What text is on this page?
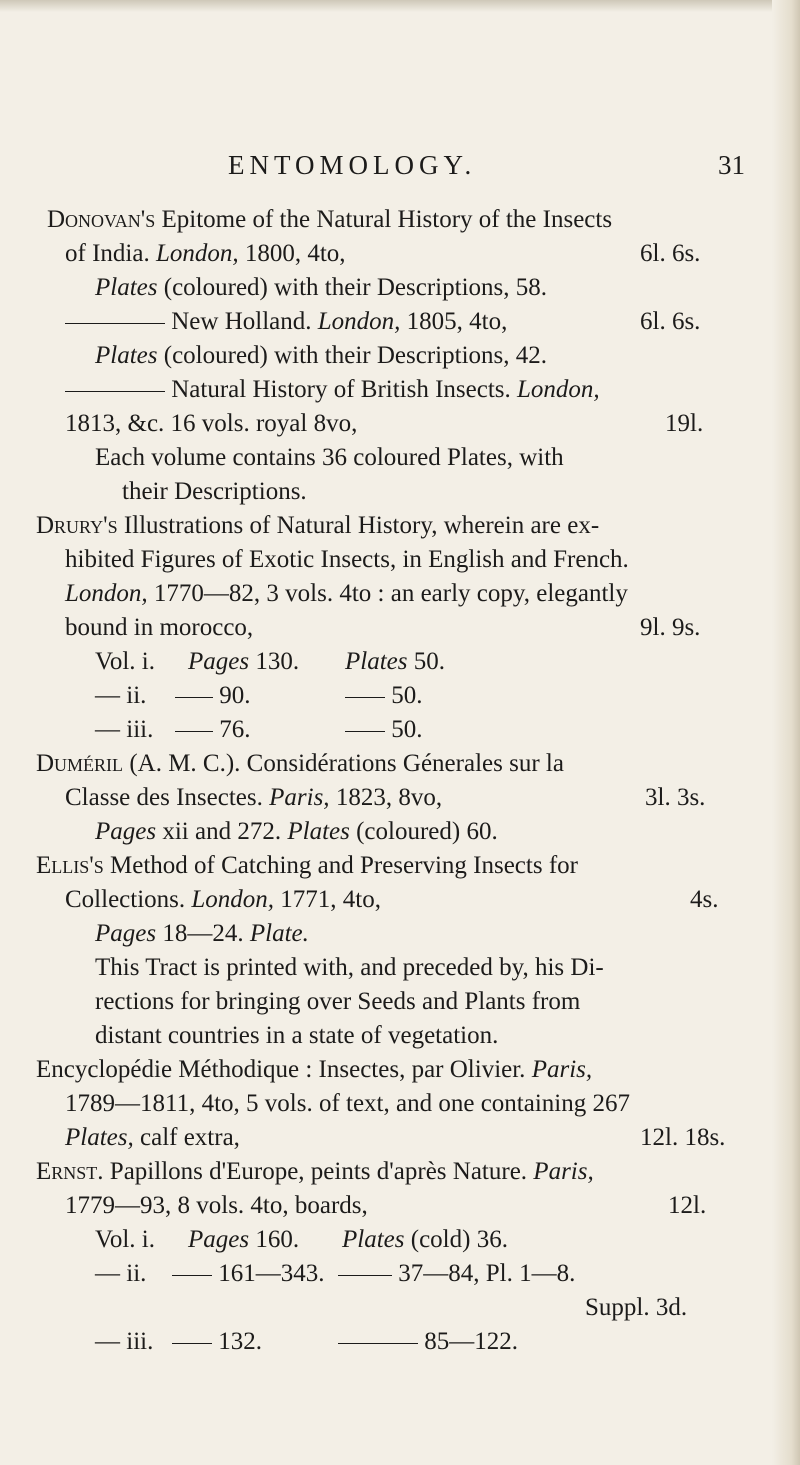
ENTOMOLOGY.	31
Donovan's Epitome of the Natural History of the Insects
of India. London, 1800, 4to,	6l. 6s.
Plates (coloured) with their Descriptions, 58.
New Holland. London, 1805, 4to,	6l. 6s.
Plates (coloured) with their Descriptions, 42.
Natural History of British Insects. London,
1813, &c. 16 vols. royal 8vo,	19l.
Each volume contains 36 coloured Plates, with
their Descriptions.
Drury's Illustrations of Natural History, wherein are ex-
hibited Figures of Exotic Insects, in English and French.
London, 1770—82, 3 vols. 4to : an early copy, elegantly
bound in morocco,	9l. 9s.
Vol. i. Pages 130. Plates 50.
— ii.	90.	50.
— iii.	76.	50.
Duméril (A. M. C.). Considérations Génerales sur la
Classe des Insectes. Paris, 1823, 8vo,	3l. 3s.
Pages xii and 272. Plates (coloured) 60.
Ellis's Method of Catching and Preserving Insects for
Collections. London, 1771, 4to,	4s.
Pages 18—24. Plate.
This Tract is printed with, and preceded by, his Di-
rections for bringing over Seeds and Plants from
distant countries in a state of vegetation.
Encyclopédie Méthodique : Insectes, par Olivier. Paris,
1789—1811, 4to, 5 vols. of text, and one containing 267
Plates, calf extra,	12l. 18s.
Ernst. Papillons d'Europe, peints d'après Nature. Paris,
1779—93, 8 vols. 4to, boards,	12l.
Vol. i. Pages 160. Plates (cold) 36.
— ii.	161—343.	37—84, Pl. 1—8.
Suppl. 3d.
— iii.	132.	85—122.
